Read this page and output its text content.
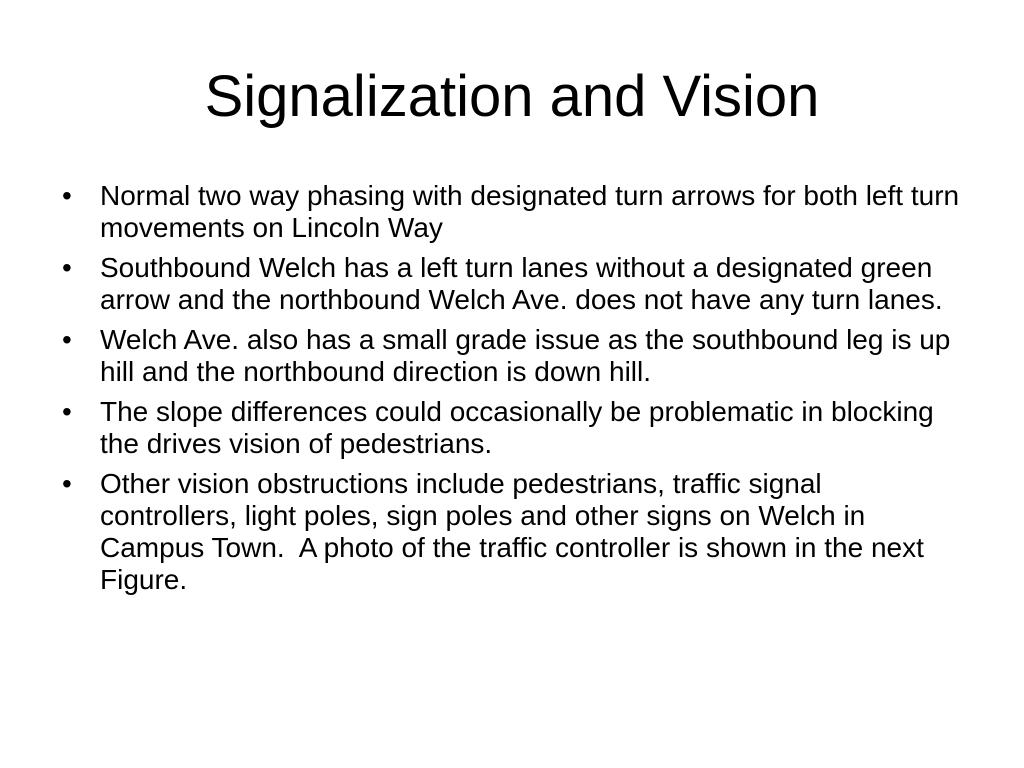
Signalization and Vision
•	Normal two way phasing with designated turn arrows for both left turn movements on Lincoln Way
•	Southbound Welch has a left turn lanes without a designated green arrow and the northbound Welch Ave. does not have any turn lanes.
•	Welch Ave. also has a small grade issue as the southbound leg is up hill and the northbound direction is down hill.
•	The slope differences could occasionally be problematic in blocking the drives vision of pedestrians.
•	Other vision obstructions include pedestrians, traffic signal controllers, light poles, sign poles and other signs on Welch in Campus Town.  A photo of the traffic controller is shown in the next Figure.
